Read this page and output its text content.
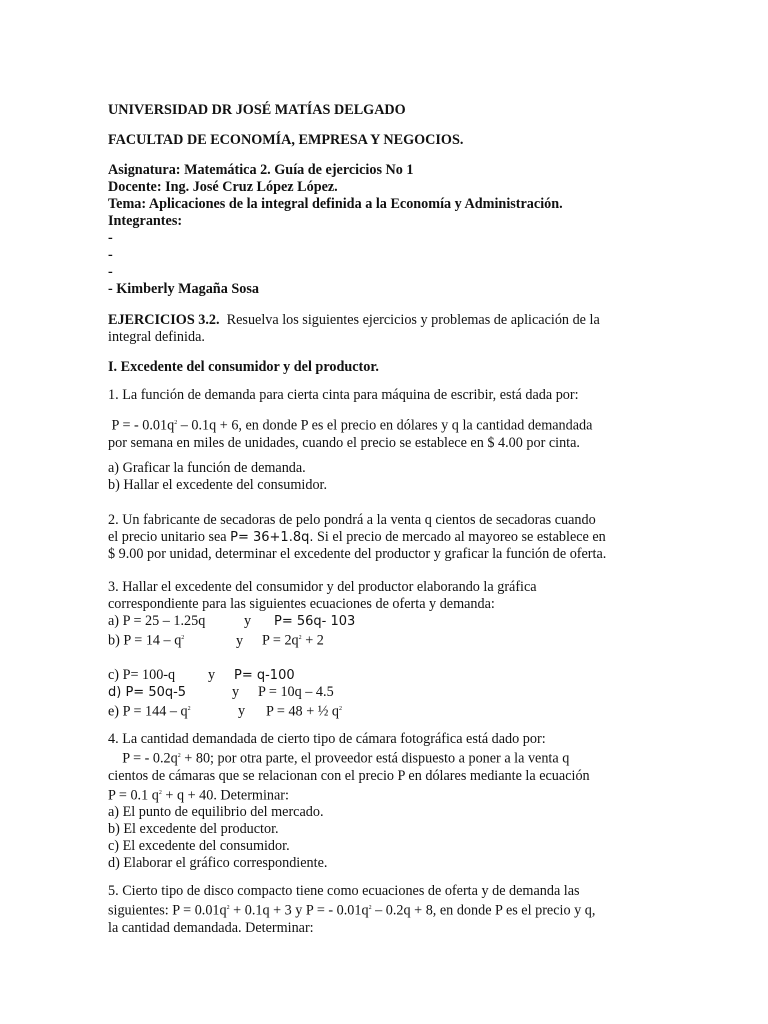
UNIVERSIDAD DR JOSÉ MATÍAS DELGADO

FACULTAD DE ECONOMÍA, EMPRESA Y NEGOCIOS.

Asignatura: Matemática 2. Guía de ejercicios No 1
Docente: Ing. José Cruz López López.
Tema: Aplicaciones de la integral definida a la Economía y Administración.
Integrantes:
-
-
-
- Kimberly Magaña Sosa
EJERCICIOS 3.2. Resuelva los siguientes ejercicios y problemas de aplicación de la
integral definida.

I. Excedente del consumidor y del productor.

1. La función de demanda para cierta cinta para máquina de escribir, está dada por:

P = - $0.01q^2 - 0.1q + 6$, en donde P es el precio en dólares y q la cantidad demandada
por semana en miles de unidades, cuando el precio se establece en $ 4.00 por cinta.
a) Graficar la función de demanda.
b) Hallar el excedente del consumidor.
2. Un fabricante de secadoras de pelo pondrá a la venta q cientos de secadoras cuando
el precio unitario sea P= 36+1.8q. Si el precio de mercado al mayoreo se establece en
$ 9.00 por unidad, determinar el excedente del productor y graficar la función de oferta.
3. Hallar el excedente del consumidor y del productor elaborando la gráfica
correspondiente para las siguientes ecuaciones de oferta y demanda:
a) P = 25 – 1.25q	y P= 56q- 103
b) $P = 14 - q^2$	y $P = 2q^2 + 2$

c) P= 100-q y P= q-100
d) P= 50q-5	y P = 10q – 4.5
e) $P = 144 - q^2$	y P = 48 + ½ $q^2$
4. La cantidad demandada de cierto tipo de cámara fotográfica está dado por:
P = - $0.2q^2 + 80$; por otra parte, el proveedor está dispuesto a poner a la venta q
cientos de cámaras que se relacionan con el precio P en dólares mediante la ecuación
P = 0.1 $q^2 + q + 40$. Determinar:
a) El punto de equilibrio del mercado.
b) El excedente del productor.
c) El excedente del consumidor.
d) Elaborar el gráfico correspondiente.
5. Cierto tipo de disco compacto tiene como ecuaciones de oferta y de demanda las
siguientes: $P = 0.01q^2 + 0.1q + 3$ y P = - $0.01q^2 - 0.2q + 8$, en donde P es el precio y q,
la cantidad demandada. Determinar:
